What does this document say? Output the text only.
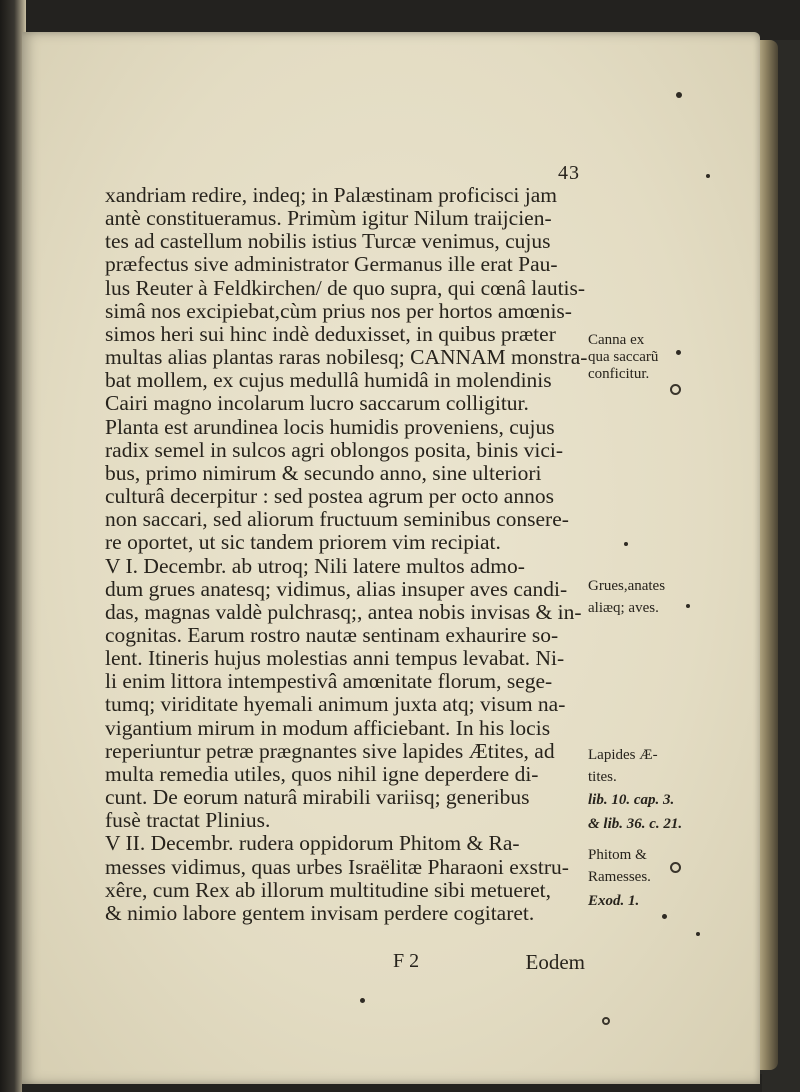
43
xandriam redire, indeq; in Palæstinam proficisci jam
antè constitueramus. Primùm igitur Nilum traijcien-
tes ad castellum nobilis istius Turcæ venimus, cujus
præfectus sive administrator Germanus ille erat Pau-
lus Reuter à Feldkirchen/ de quo supra, qui cœnâ lautis-
simâ nos excipiebat,cùm prius nos per hortos amœnis-
simos heri sui hinc indè deduxisset, in quibus præter
multas alias plantas raras nobilesq; CANNAM monstra-
bat mollem, ex cujus medullâ humidâ in molendinis
Cairi magno incolarum lucro saccarum colligitur.
Planta est arundinea locis humidis proveniens, cujus
radix semel in sulcos agri oblongos posita, binis vici-
bus, primo nimirum & secundo anno, sine ulteriori
culturâ decerpitur : sed postea agrum per octo annos
non saccari, sed aliorum fructuum seminibus consere-
re oportet, ut sic tandem priorem vim recipiat.
V I. Decembr. ab utroq; Nili latere multos admo-
dum grues anatesq; vidimus, alias insuper aves candi-
das, magnas valdè pulchrasq;, antea nobis invisas & in-
cognitas. Earum rostro nautæ sentinam exhaurire so-
lent. Itineris hujus molestias anni tempus levabat. Ni-
li enim littora intempestivâ amœnitate florum, sege-
tumq; viriditate hyemali animum juxta atq; visum na-
vigantium mirum in modum afficiebant. In his locis
reperiuntur petræ prægnantes sive lapides Ætites, ad
multa remedia utiles, quos nihil igne deperdere di-
cunt. De eorum naturâ mirabili variisq; generibus
fusè tractat Plinius.
V II. Decembr. rudera oppidorum Phitom & Ra-
messes vidimus, quas urbes Israëlitæ Pharaoni exstru-
xêre, cum Rex ab illorum multitudine sibi metueret,
& nimio labore gentem invisam perdere cogitaret.
Canna ex
qua saccarũ
conficitur.
Grues,anates
aliæq; aves.
Lapides Æ-
tites.
lib. 10. cap. 3.
& lib. 36. c. 21.
Phitom &
Ramesses.
Exod. 1.
F 2	Eodem
